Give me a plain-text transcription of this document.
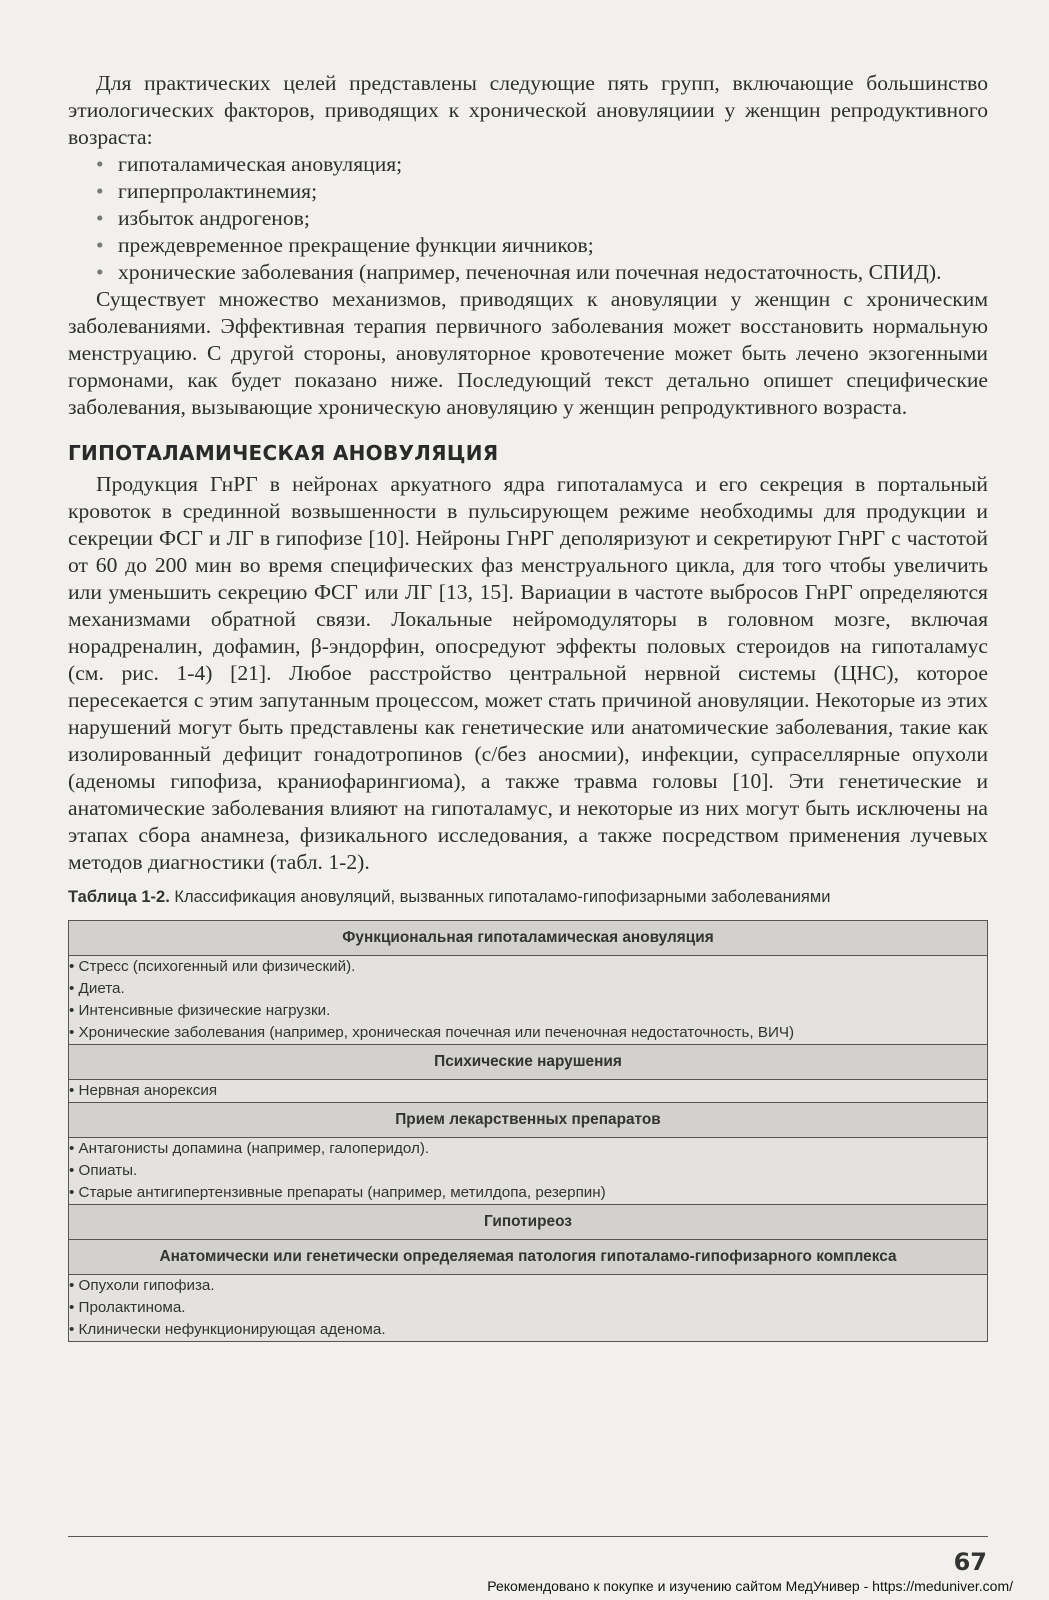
Для практических целей представлены следующие пять групп, включающие большинство этиологических факторов, приводящих к хронической ановуляциии у женщин репродуктивного возраста:

• гипоталамическая ановуляция;
• гиперпролактинемия;
• избыток андрогенов;
• преждевременное прекращение функции яичников;
• хронические заболевания (например, печеночная или почечная недостаточность, СПИД).

Существует множество механизмов, приводящих к ановуляции у женщин с хроническим заболеваниями. Эффективная терапия первичного заболевания может восстановить нормальную менструацию. С другой стороны, ановуляторное кровотечение может быть лечено экзогенными гормонами, как будет показано ниже. Последующий текст детально опишет специфические заболевания, вызывающие хроническую ановуляцию у женщин репродуктивного возраста.

ГИПОТАЛАМИЧЕСКАЯ АНОВУЛЯЦИЯ

Продукция ГнРГ в нейронах аркуатного ядра гипоталамуса и его секреция в портальный кровоток в срединной возвышенности в пульсирующем режиме необходимы для продукции и секреции ФСГ и ЛГ в гипофизе [10]. Нейроны ГнРГ деполяризуют и секретируют ГнРГ с частотой от 60 до 200 мин во время специфических фаз менструального цикла, для того чтобы увеличить или уменьшить секрецию ФСГ или ЛГ [13, 15]. Вариации в частоте выбросов ГнРГ определяются механизмами обратной связи. Локальные нейромодуляторы в головном мозге, включая норадреналин, дофамин, β-эндорфин, опосредуют эффекты половых стероидов на гипоталамус (см. рис. 1-4) [21]. Любое расстройство центральной нервной системы (ЦНС), которое пересекается с этим запутанным процессом, может стать причиной ановуляции. Некоторые из этих нарушений могут быть представлены как генетические или анатомические заболевания, такие как изолированный дефицит гонадотропинов (с/без аносмии), инфекции, супраселлярные опухоли (аденомы гипофиза, краниофарингиома), а также травма головы [10]. Эти генетические и анатомические заболевания влияют на гипоталамус, и некоторые из них могут быть исключены на этапах сбора анамнеза, физикального исследования, а также посредством применения лучевых методов диагностики (табл. 1-2).

Таблица 1-2. Классификация ановуляций, вызванных гипоталамо-гипофизарными заболеваниями
Функциональная гипоталамическая ановуляция

• Стресс (психогенный или физический).
• Диета.
• Интенсивные физические нагрузки.
• Хронические заболевания (например, хроническая почечная или печеночная недостаточность, ВИЧ)

Психические нарушения

• Нервная анорексия

Прием лекарственных препаратов

• Антагонисты допамина (например, галоперидол).
• Опиаты.
• Старые антигипертензивные препараты (например, метилдопа, резерпин)

Гипотиреоз
Анатомически или генетически определяемая патология гипоталамо-гипофизарного комплекса

• Опухоли гипофиза.
• Пролактинома.
• Клинически нефункционирующая аденома.
67
Рекомендовано к покупке и изучению сайтом МедУнивер - https://meduniver.com/
